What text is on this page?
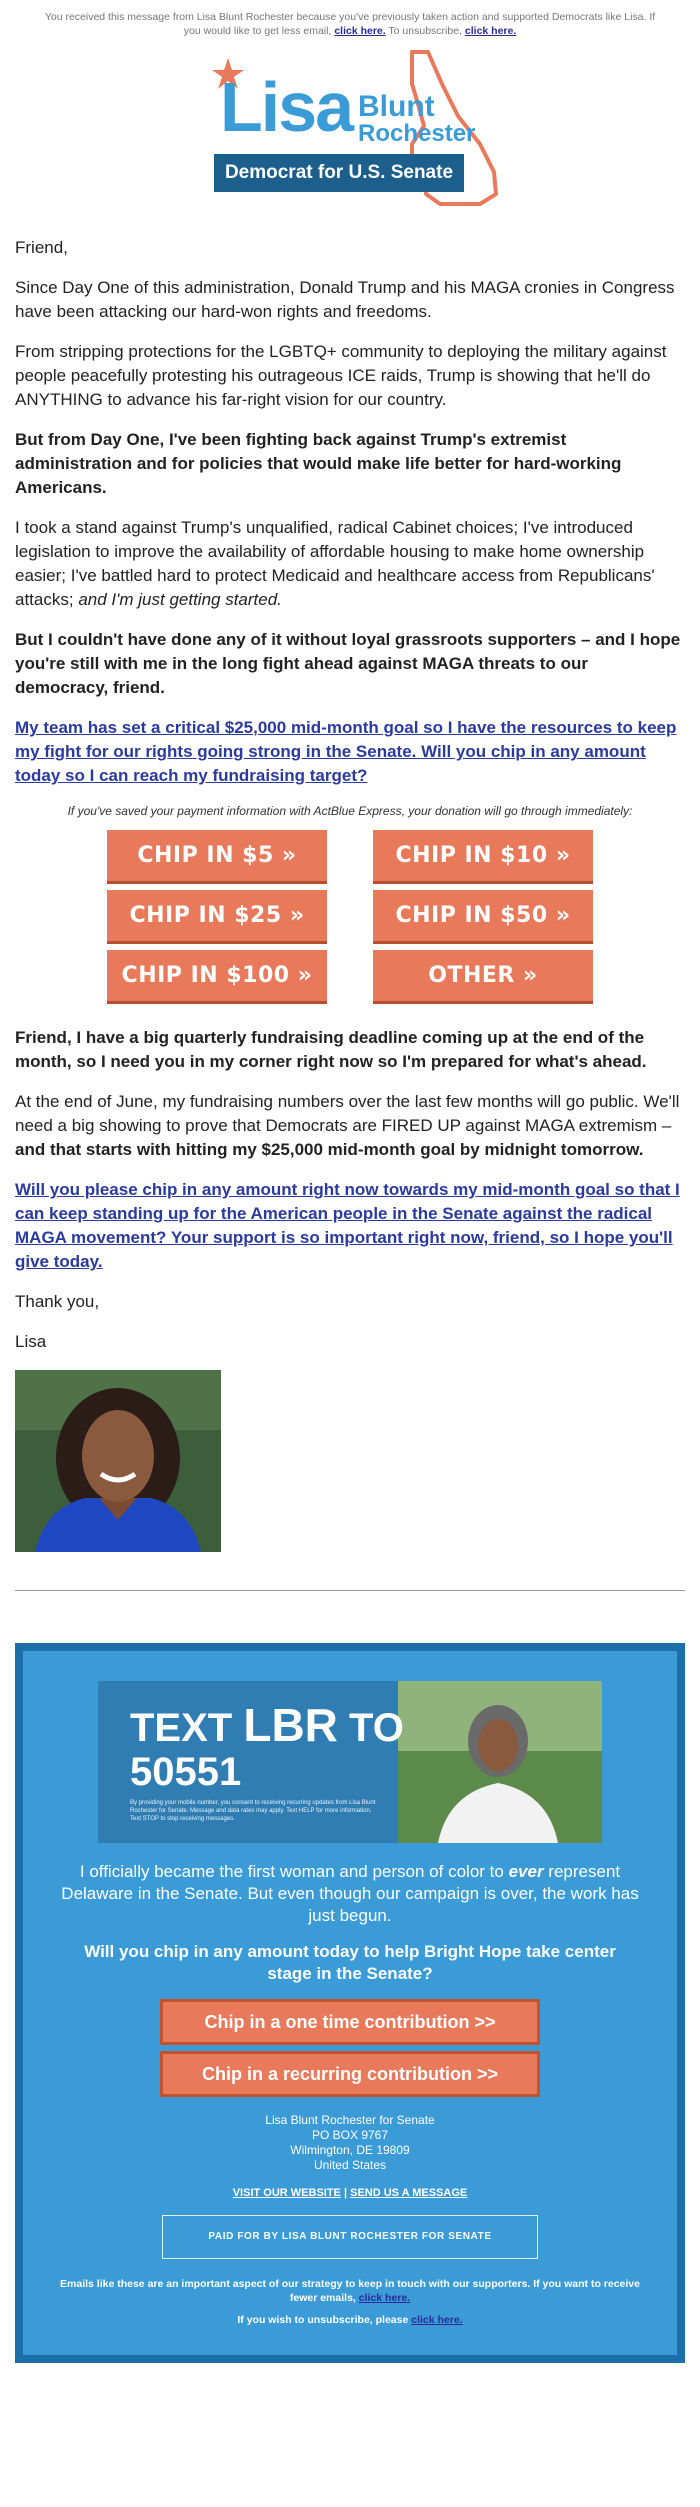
You received this message from Lisa Blunt Rochester because you've previously taken action and supported Democrats like Lisa. If you would like to get less email, click here. To unsubscribe, click here.
Lisa Blunt
Rochester
Democrat for U.S. Senate

Friend,

Since Day One of this administration, Donald Trump and his MAGA cronies in Congress have been attacking our hard-won rights and freedoms.

From stripping protections for the LGBTQ+ community to deploying the military against people peacefully protesting his outrageous ICE raids, Trump is showing that he'll do ANYTHING to advance his far-right vision for our country.

But from Day One, I've been fighting back against Trump's extremist administration and for policies that would make life better for hard-working Americans.

I took a stand against Trump's unqualified, radical Cabinet choices; I've introduced legislation to improve the availability of affordable housing to make home ownership easier; I've battled hard to protect Medicaid and healthcare access from Republicans' attacks; and I'm just getting started.

But I couldn't have done any of it without loyal grassroots supporters – and I hope you're still with me in the long fight ahead against MAGA threats to our democracy, friend.

My team has set a critical $25,000 mid-month goal so I have the resources to keep my fight for our rights going strong in the Senate. Will you chip in any amount today so I can reach my fundraising target?

If you've saved your payment information with ActBlue Express, your donation will go through immediately:
CHIP IN $5 »	CHIP IN $10 »
CHIP IN $25 »	CHIP IN $50 »
CHIP IN $100 »	OTHER »

Friend, I have a big quarterly fundraising deadline coming up at the end of the month, so I need you in my corner right now so I'm prepared for what's ahead.

At the end of June, my fundraising numbers over the last few months will go public. We'll need a big showing to prove that Democrats are FIRED UP against MAGA extremism – and that starts with hitting my $25,000 mid-month goal by midnight tomorrow.

Will you please chip in any amount right now towards my mid-month goal so that I can keep standing up for the American people in the Senate against the radical MAGA movement? Your support is so important right now, friend, so I hope you'll give today.

Thank you,

Lisa

TEXT LBR TO
50551
By providing your mobile number, you consent to receiving recurring updates from Lisa Blunt Rochester for Senate. Message and data rates may apply. Text HELP for more information. Text STOP to stop receiving messages.
I officially became the first woman and person of color to ever represent Delaware in the Senate. But even though our campaign is over, the work has just begun.
Will you chip in any amount today to help Bright Hope take center stage in the Senate?
Chip in a one time contribution >>
Chip in a recurring contribution >>
Lisa Blunt Rochester for Senate
PO BOX 9767
Wilmington, DE 19809
United States
VISIT OUR WEBSITE | SEND US A MESSAGE
PAID FOR BY LISA BLUNT ROCHESTER FOR SENATE
Emails like these are an important aspect of our strategy to keep in touch with our supporters. If you want to receive fewer emails, click here.
If you wish to unsubscribe, please click here.
